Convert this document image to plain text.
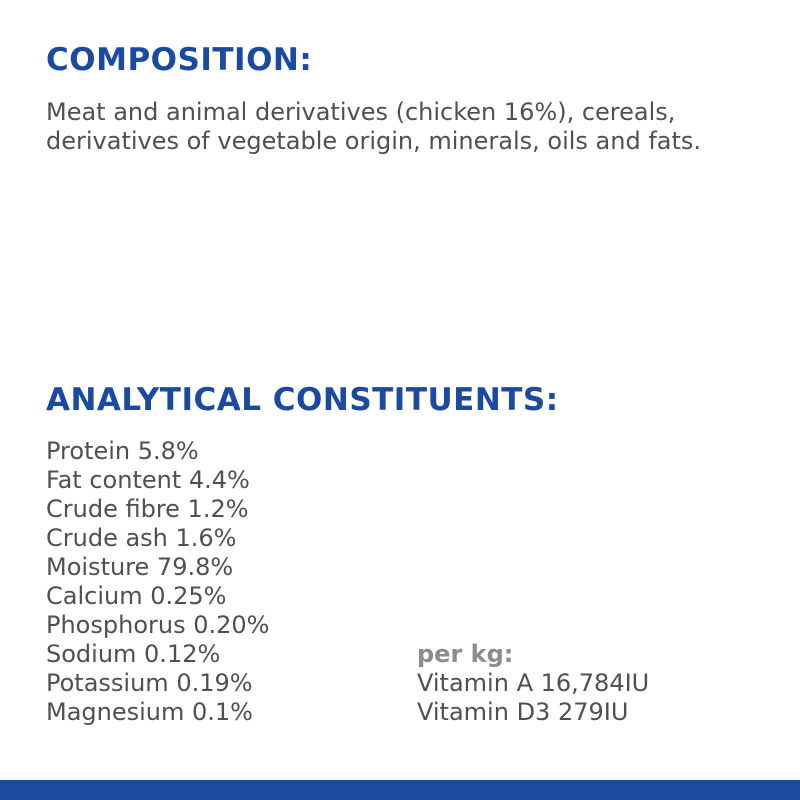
COMPOSITION:

Meat and animal derivatives (chicken 16%), cereals, derivatives of vegetable origin, minerals, oils and fats.

ANALYTICAL CONSTITUENTS:
Protein 5.8%
Fat content 4.4%
Crude fibre 1.2%
Crude ash 1.6%
Moisture 79.8%
Calcium 0.25%
Phosphorus 0.20%
Sodium 0.12%
Potassium 0.19%
Magnesium 0.1%
per kg:
Vitamin A 16,784IU
Vitamin D3 279IU
